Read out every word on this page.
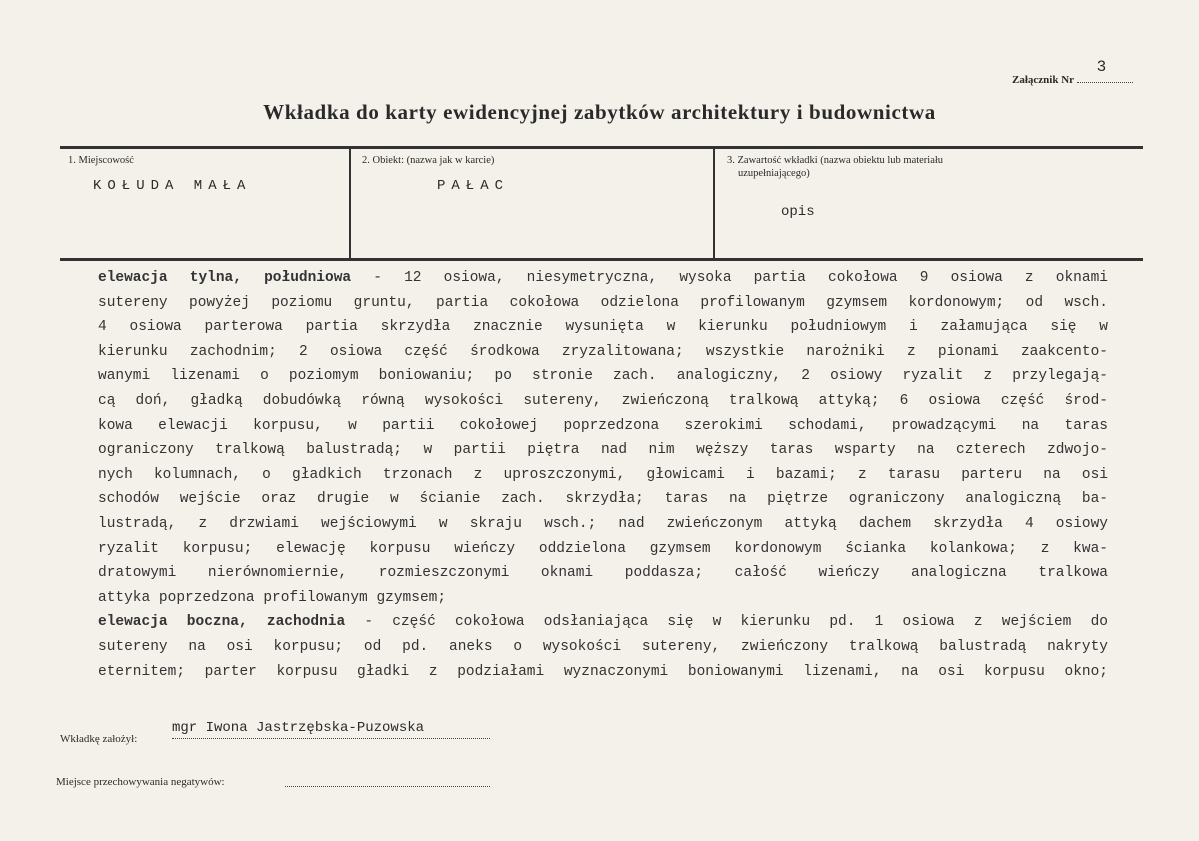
Załącznik Nr
3
Wkładka do karty ewidencyjnej zabytków architektury i budownictwa
1. Miejscowość
KOŁUDA MAŁA
2. Obiekt: (nazwa jak w karcie)
PAŁAC
3. Zawartość wkładki (nazwa obiektu lub materiału
uzupełniającego)
opis
elewacja tylna, południowa - 12 osiowa, niesymetryczna, wysoka partia cokołowa 9 osiowa z oknami
sutereny powyżej poziomu gruntu, partia cokołowa odzielona profilowanym gzymsem kordonowym; od wsch.
4 osiowa parterowa partia skrzydła znacznie wysunięta w kierunku południowym i załamująca się w
kierunku zachodnim; 2 osiowa część środkowa zryzalitowana; wszystkie narożniki z pionami zaakcento-
wanymi lizenami o poziomym boniowaniu; po stronie zach. analogiczny, 2 osiowy ryzalit z przylegają-
cą doń, gładką dobudówką równą wysokości sutereny, zwieńczoną tralkową attyką; 6 osiowa część środ-
kowa elewacji korpusu, w partii cokołowej poprzedzona szerokimi schodami, prowadzącymi na taras
ograniczony tralkową balustradą; w partii piętra nad nim węższy taras wsparty na czterech zdwojo-
nych kolumnach, o gładkich trzonach z uproszczonymi, głowicami i bazami; z tarasu parteru na osi
schodów wejście oraz drugie w ścianie zach. skrzydła; taras na piętrze ograniczony analogiczną ba-
lustradą, z drzwiami wejściowymi w skraju wsch.; nad zwieńczonym attyką dachem skrzydła 4 osiowy
ryzalit korpusu; elewację korpusu wieńczy oddzielona gzymsem kordonowym ścianka kolankowa; z kwa-
dratowymi nierównomiernie, rozmieszczonymi oknami poddasza; całość wieńczy analogiczna tralkowa
attyka poprzedzona profilowanym gzymsem;
elewacja boczna, zachodnia - część cokołowa odsłaniająca się w kierunku pd. 1 osiowa z wejściem do
sutereny na osi korpusu; od pd. aneks o wysokości sutereny, zwieńczony tralkową balustradą nakryty
eternitem; parter korpusu gładki z podziałami wyznaczonymi boniowanymi lizenami, na osi korpusu okno;
Wkładkę założył:
mgr Iwona Jastrzębska-Puzowska
Miejsce przechowywania negatywów:
